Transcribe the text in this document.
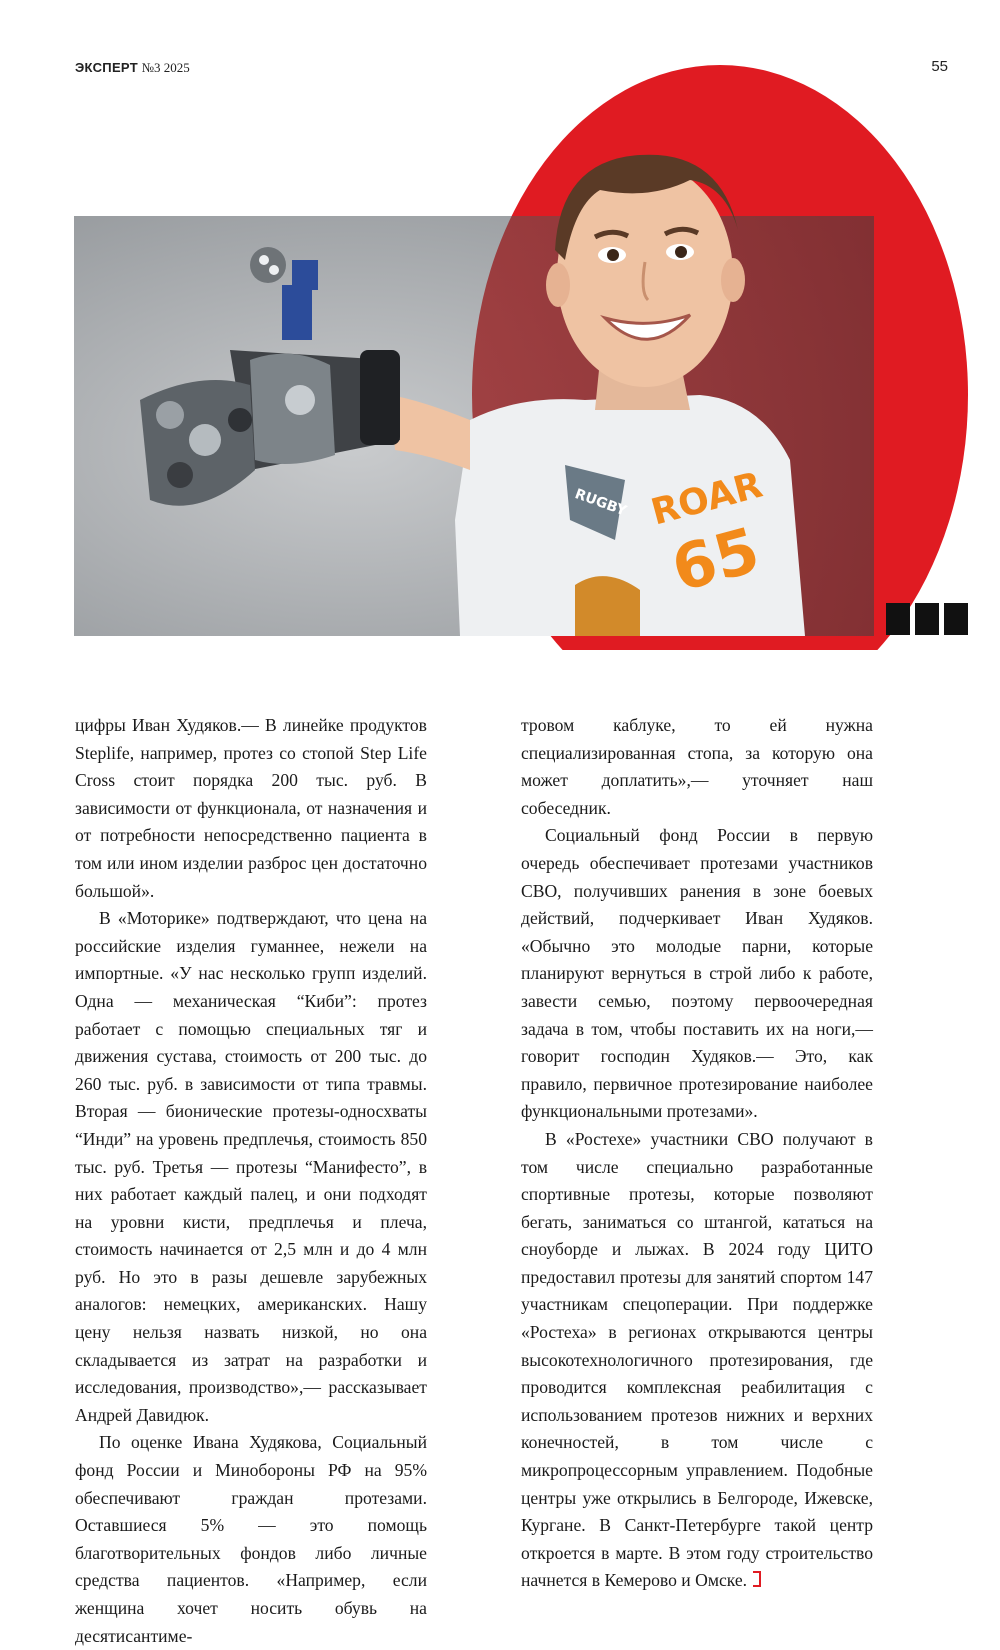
ЭКСПЕРТ №3 2025	55
RUGBY ROAR
65

цифры Иван Худяков.— В линейке продуктов Steplife, например, протез со стопой Step Life Cross стоит порядка 200 тыс. руб. В зависимости от функционала, от назначения и от потребности непосредственно пациента в том или ином изделии разброс цен достаточно большой».

В «Моторике» подтверждают, что цена на российские изделия гуманнее, нежели на импортные. «У нас несколько групп изделий. Одна — механическая “Киби”: протез работает с помощью специальных тяг и движения сустава, стоимость от 200 тыс. до 260 тыс. руб. в зависимости от типа травмы. Вторая — бионические протезы-односхваты “Инди” на уровень предплечья, стоимость 850 тыс. руб. Третья — протезы “Манифесто”, в них работает каждый палец, и они подходят на уровни кисти, предплечья и плеча, стоимость начинается от 2,5 млн и до 4 млн руб. Но это в разы дешевле зарубежных аналогов: немецких, американских. Нашу цену нельзя назвать низкой, но она складывается из затрат на разработки и исследования, производство»,— рассказывает Андрей Давидюк.

По оценке Ивана Худякова, Социальный фонд России и Минобороны РФ на 95% обеспечивают граждан протезами. Оставшиеся 5% — это помощь благотворительных фондов либо личные средства пациентов. «Например, если женщина хочет носить обувь на десятисантиме-

тровом каблуке, то ей нужна специализированная стопа, за которую она может доплатить»,— уточняет наш собеседник.

Социальный фонд России в первую очередь обеспечивает протезами участников СВО, получивших ранения в зоне боевых действий, подчеркивает Иван Худяков. «Обычно это молодые парни, которые планируют вернуться в строй либо к работе, завести семью, поэтому первоочередная задача в том, чтобы поставить их на ноги,— говорит господин Худяков.— Это, как правило, первичное протезирование наиболее функциональными протезами».

В «Ростехе» участники СВО получают в том числе специально разработанные спортивные протезы, которые позволяют бегать, заниматься со штангой, кататься на сноуборде и лыжах. В 2024 году ЦИТО предоставил протезы для занятий спортом 147 участникам спецоперации. При поддержке «Ростеха» в регионах открываются центры высокотехнологичного протезирования, где проводится комплексная реабилитация с использованием протезов нижних и верхних конечностей, в том числе с микропроцессорным управлением. Подобные центры уже открылись в Белгороде, Ижевске, Кургане. В Санкт-Петербурге такой центр откроется в марте. В этом году строительство начнется в Кемерово и Омске.
